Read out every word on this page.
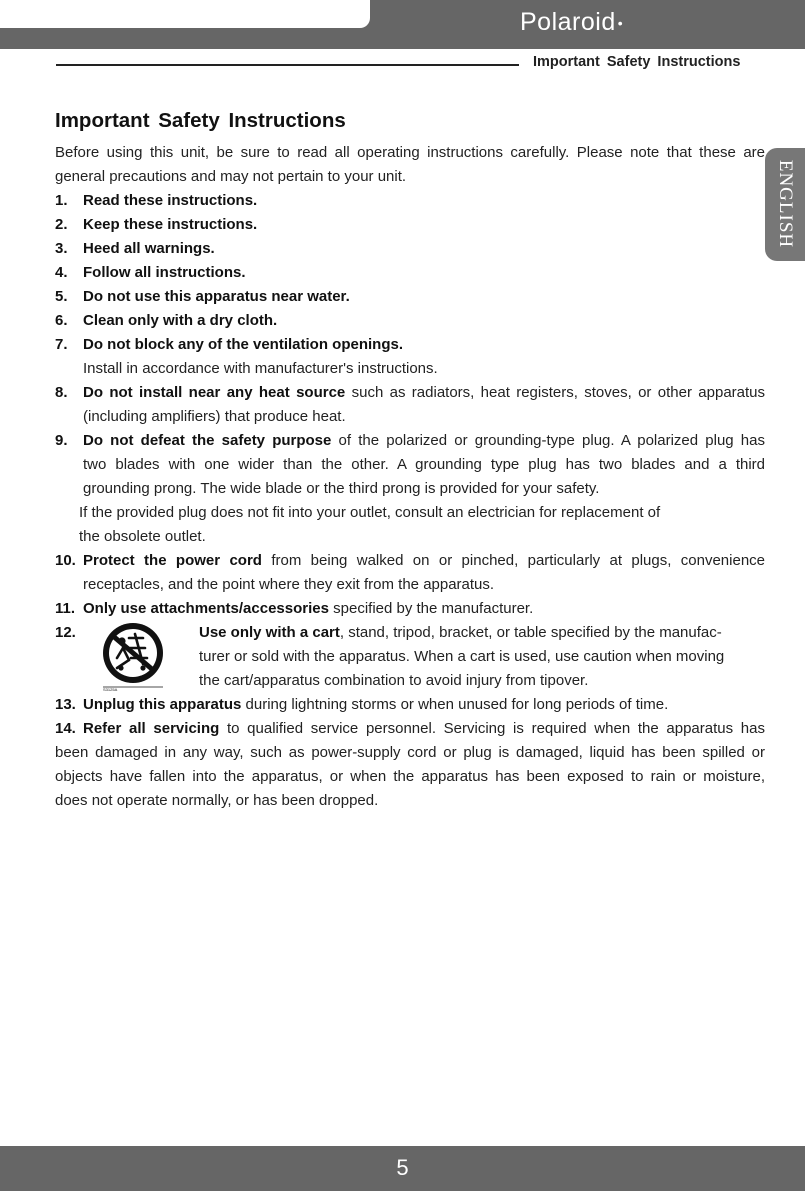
Polaroid •
Important Safety Instructions
ENGLISH
Important Safety Instructions
Before using this unit, be sure to read all operating instructions carefully. Please note that these are
general precautions and may not pertain to your unit.
1. Read these instructions.
2. Keep these instructions.
3. Heed all warnings.
4. Follow all instructions.
5. Do not use this apparatus near water.
6. Clean only with a dry cloth.
7. Do not block any of the ventilation openings.
Install in accordance with manufacturer's instructions.
8. Do not install near any heat source such as radiators, heat registers, stoves, or other apparatus
(including amplifiers) that produce heat.
9. Do not defeat the safety purpose of the polarized or grounding-type plug. A polarized plug has
two blades with one wider than the other. A grounding type plug has two blades and a third
grounding prong. The wide blade or the third prong is provided for your safety.
If the provided plug does not fit into your outlet, consult an electrician for replacement of
the obsolete outlet.
10. Protect the power cord from being walked on or pinched, particularly at plugs, convenience
receptacles, and the point where they exit from the apparatus.
11. Only use attachments/accessories specified by the manufacturer.
12.
S3125A
Use only with a cart, stand, tripod, bracket, or table specified by the manufac-
turer or sold with the apparatus. When a cart is used, use caution when moving
the cart/apparatus combination to avoid injury from tipover.
13. Unplug this apparatus during lightning storms or when unused for long periods of time.
14. Refer all servicing to qualified service personnel. Servicing is required when the apparatus has
been damaged in any way, such as power-supply cord or plug is damaged, liquid has been spilled or
objects have fallen into the apparatus, or when the apparatus has been exposed to rain or moisture,
does not operate normally, or has been dropped.
5
